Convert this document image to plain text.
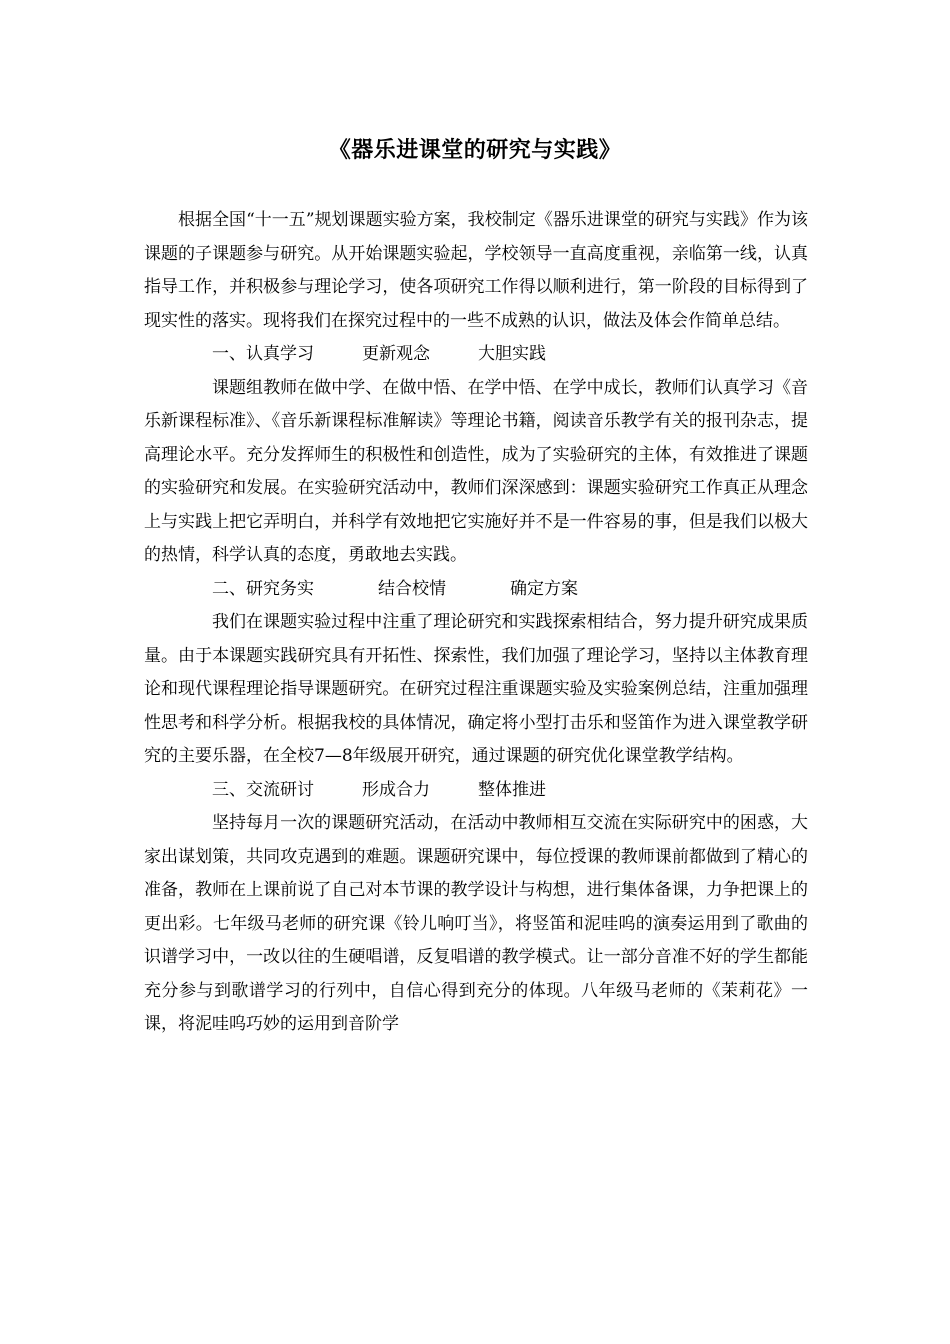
《器乐进课堂的研究与实践》

根据全国“十一五”规划课题实验方案，我校制定《器乐进课堂的研究与实践》作为该课题的子课题参与研究。从开始课题实验起，学校领导一直高度重视，亲临第一线，认真指导工作，并积极参与理论学习，使各项研究工作得以顺利进行，第一阶段的目标得到了现实性的落实。现将我们在探究过程中的一些不成熟的认识，做法及体会作简单总结。

一、认真学习	更新观念	大胆实践

课题组教师在做中学、在做中悟、在学中悟、在学中成长，教师们认真学习《音乐新课程标准》、《音乐新课程标准解读》等理论书籍，阅读音乐教学有关的报刊杂志，提高理论水平。充分发挥师生的积极性和创造性，成为了实验研究的主体，有效推进了课题的实验研究和发展。在实验研究活动中，教师们深深感到：课题实验研究工作真正从理念上与实践上把它弄明白，并科学有效地把它实施好并不是一件容易的事，但是我们以极大的热情，科学认真的态度，勇敢地去实践。

二、研究务实	结合校情	确定方案

我们在课题实验过程中注重了理论研究和实践探索相结合，努力提升研究成果质量。由于本课题实践研究具有开拓性、探索性，我们加强了理论学习，坚持以主体教育理论和现代课程理论指导课题研究。在研究过程注重课题实验及实验案例总结，注重加强理性思考和科学分析。根据我校的具体情况，确定将小型打击乐和竖笛作为进入课堂教学研究的主要乐器，在全校7—8年级展开研究，通过课题的研究优化课堂教学结构。

三、交流研讨	形成合力	整体推进

坚持每月一次的课题研究活动，在活动中教师相互交流在实际研究中的困惑，大家出谋划策，共同攻克遇到的难题。课题研究课中，每位授课的教师课前都做到了精心的准备，教师在上课前说了自己对本节课的教学设计与构想，进行集体备课，力争把课上的更出彩。七年级马老师的研究课《铃儿响叮当》，将竖笛和泥哇呜的演奏运用到了歌曲的识谱学习中，一改以往的生硬唱谱，反复唱谱的教学模式。让一部分音准不好的学生都能充分参与到歌谱学习的行列中，自信心得到充分的体现。八年级马老师的《茉莉花》一课，将泥哇呜巧妙的运用到音阶学
